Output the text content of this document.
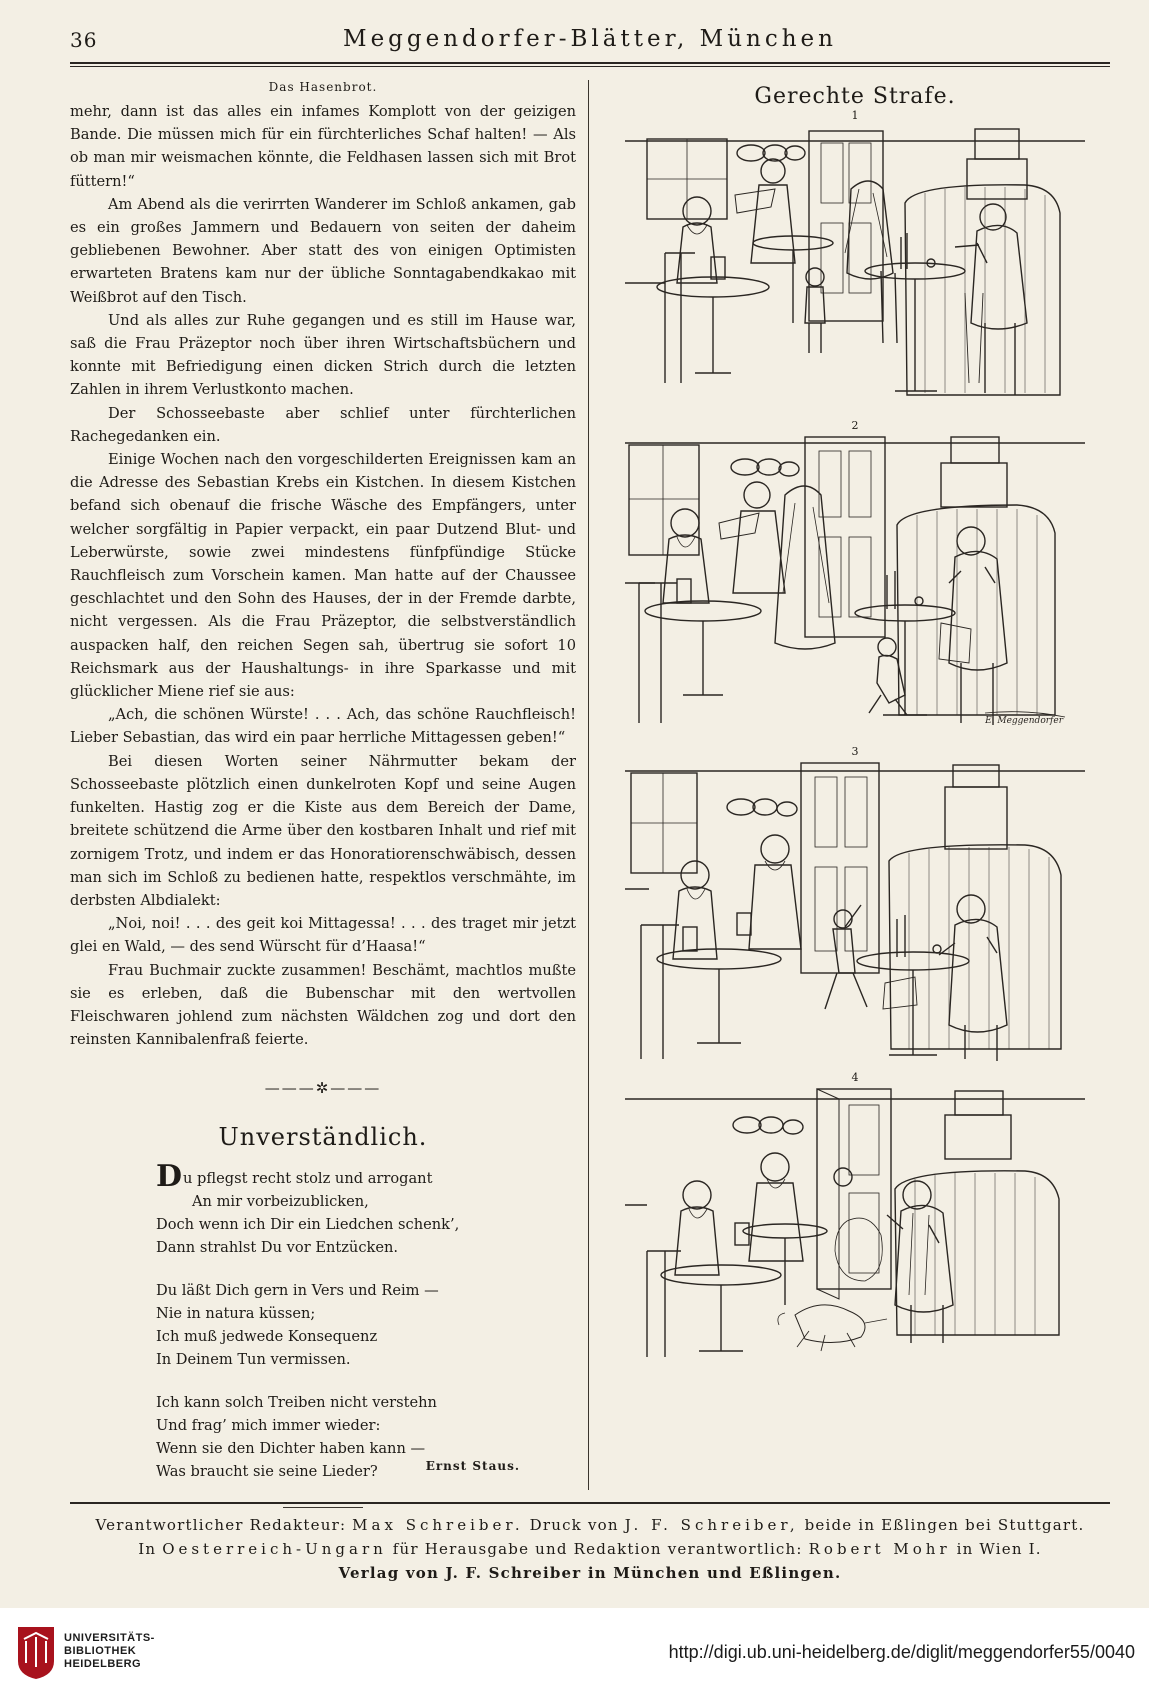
36	Meggendorfer-Blätter, München
Das Hasenbrot.

mehr, dann ist das alles ein infames Komplott von der geizigen Bande. Die müssen mich für ein fürchterliches Schaf halten! — Als ob man mir weismachen könnte, die Feldhasen lassen sich mit Brot füttern!“

Am Abend als die verirrten Wanderer im Schloß ankamen, gab es ein großes Jammern und Bedauern von seiten der daheim gebliebenen Bewohner. Aber statt des von einigen Optimisten erwarteten Bratens kam nur der übliche Sonntagabendkakao mit Weißbrot auf den Tisch.

Und als alles zur Ruhe gegangen und es still im Hause war, saß die Frau Präzeptor noch über ihren Wirtschaftsbüchern und konnte mit Befriedigung einen dicken Strich durch die letzten Zahlen in ihrem Verlustkonto machen.

Der Schosseebaste aber schlief unter fürchterlichen Rachegedanken ein.

Einige Wochen nach den vorgeschilderten Ereignissen kam an die Adresse des Sebastian Krebs ein Kistchen. In diesem Kistchen befand sich obenauf die frische Wäsche des Empfängers, unter welcher sorgfältig in Papier verpackt, ein paar Dutzend Blut- und Leberwürste, sowie zwei mindestens fünfpfündige Stücke Rauchfleisch zum Vorschein kamen. Man hatte auf der Chaussee geschlachtet und den Sohn des Hauses, der in der Fremde darbte, nicht vergessen. Als die Frau Präzeptor, die selbstverständlich auspacken half, den reichen Segen sah, übertrug sie sofort 10 Reichsmark aus der Haushaltungs- in ihre Sparkasse und mit glücklicher Miene rief sie aus:

„Ach, die schönen Würste! . . . Ach, das schöne Rauchfleisch! Lieber Sebastian, das wird ein paar herrliche Mittagessen geben!“

Bei diesen Worten seiner Nährmutter bekam der Schosseebaste plötzlich einen dunkelroten Kopf und seine Augen funkelten. Hastig zog er die Kiste aus dem Bereich der Dame, breitete schützend die Arme über den kostbaren Inhalt und rief mit zornigem Trotz, und indem er das Honoratiorenschwäbisch, dessen man sich im Schloß zu bedienen hatte, respektlos verschmähte, im derbsten Albdialekt:

„Noi, noi! . . . des geit koi Mittagessa! . . . des traget mir jetzt glei en Wald, — des send Würscht für d’Haasa!“

Frau Buchmair zuckte zusammen! Beschämt, machtlos mußte sie es erleben, daß die Bubenschar mit den wertvollen Fleischwaren johlend zum nächsten Wäldchen zog und dort den reinsten Kannibalenfraß feierte.

———✲———
Unverständlich.
Du pflegst recht stolz und arrogant
An mir vorbeizublicken,
Doch wenn ich Dir ein Liedchen schenk’,
Dann strahlst Du vor Entzücken.
Du läßt Dich gern in Vers und Reim —
Nie in natura küssen;
Ich muß jedwede Konsequenz
In Deinem Tun vermissen.
Ich kann solch Treiben nicht verstehn
Und frag’ mich immer wieder:
Wenn sie den Dichter haben kann —
Was braucht sie seine Lieder?	Ernst Staus.
Gerechte Strafe.
1
2
E. Meggendorfer
3
4
Verantwortlicher Redakteur: Max Schreiber. Druck von J. F. Schreiber, beide in Eßlingen bei Stuttgart.
In Oesterreich-Ungarn für Herausgabe und Redaktion verantwortlich: Robert Mohr in Wien I.
Verlag von J. F. Schreiber in München und Eßlingen.
UNIVERSITÄTS-
BIBLIOTHEK
HEIDELBERG
http://digi.ub.uni-heidelberg.de/diglit/meggendorfer55/0040
